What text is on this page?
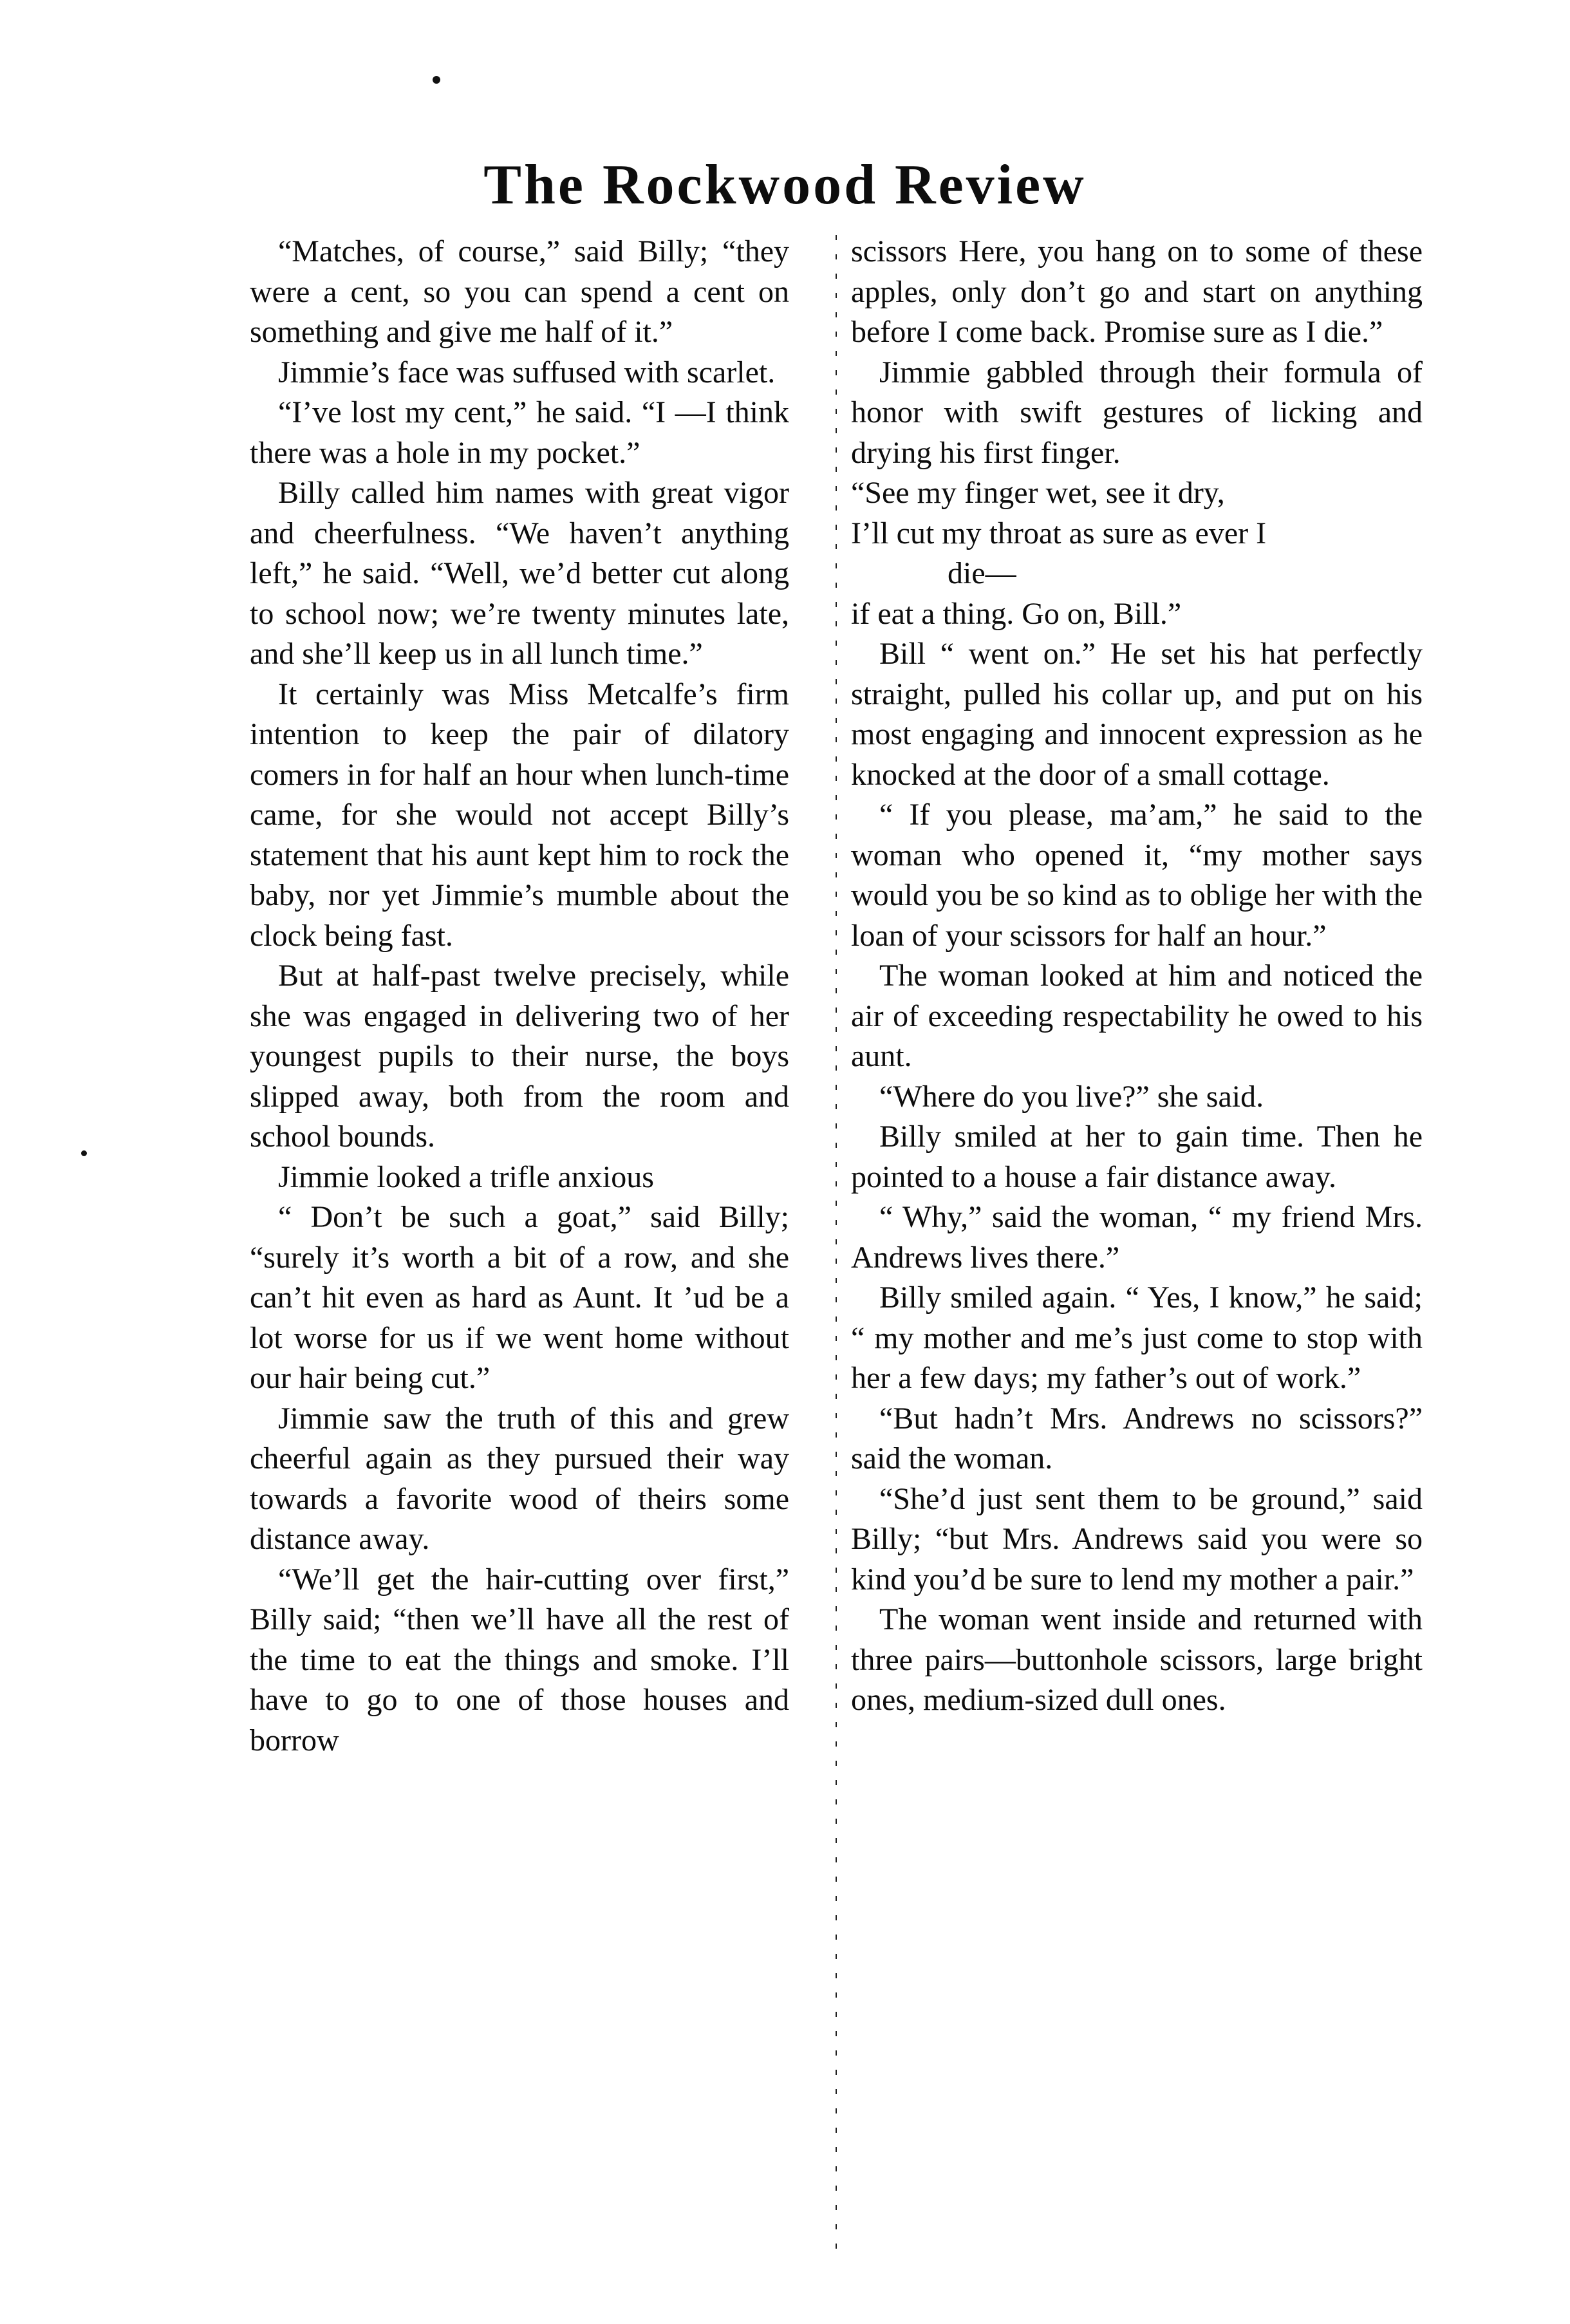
The Rockwood Review

“Matches, of course,” said Billy; “they were a cent, so you can spend a cent on something and give me half of it.”

Jimmie’s face was suffused with scarlet.

“I’ve lost my cent,” he said. “I —I think there was a hole in my pocket.”

Billy called him names with great vigor and cheerfulness. “We haven’t anything left,” he said. “Well, we’d better cut along to school now; we’re twenty minutes late, and she’ll keep us in all lunch time.”

It certainly was Miss Metcalfe’s firm intention to keep the pair of dilatory comers in for half an hour when lunch-time came, for she would not accept Billy’s statement that his aunt kept him to rock the baby, nor yet Jimmie’s mumble about the clock being fast.

But at half-past twelve precisely, while she was engaged in delivering two of her youngest pupils to their nurse, the boys slipped away, both from the room and school bounds.

Jimmie looked a trifle anxious

“ Don’t be such a goat,” said Billy; “surely it’s worth a bit of a row, and she can’t hit even as hard as Aunt. It ’ud be a lot worse for us if we went home without our hair being cut.”

Jimmie saw the truth of this and grew cheerful again as they pursued their way towards a favorite wood of theirs some distance away.

“We’ll get the hair-cutting over first,” Billy said; “then we’ll have all the rest of the time to eat the things and smoke. I’ll have to go to one of those houses and borrow

scissors Here, you hang on to some of these apples, only don’t go and start on anything before I come back. Promise sure as I die.”

Jimmie gabbled through their formula of honor with swift gestures of licking and drying his first finger.

“See my finger wet, see it dry,
I’ll cut my throat as sure as ever I
die—
if eat a thing. Go on, Bill.”

Bill “ went on.” He set his hat perfectly straight, pulled his collar up, and put on his most engaging and innocent expression as he knocked at the door of a small cottage.

“ If you please, ma’am,” he said to the woman who opened it, “my mother says would you be so kind as to oblige her with the loan of your scissors for half an hour.”

The woman looked at him and noticed the air of exceeding respectability he owed to his aunt.

“Where do you live?” she said.

Billy smiled at her to gain time. Then he pointed to a house a fair distance away.

“ Why,” said the woman, “ my friend Mrs. Andrews lives there.”

Billy smiled again. “ Yes, I know,” he said; “ my mother and me’s just come to stop with her a few days; my father’s out of work.”

“But hadn’t Mrs. Andrews no scissors?” said the woman.

“She’d just sent them to be ground,” said Billy; “but Mrs. Andrews said you were so kind you’d be sure to lend my mother a pair.”

The woman went inside and returned with three pairs—buttonhole scissors, large bright ones, medium-sized dull ones.
